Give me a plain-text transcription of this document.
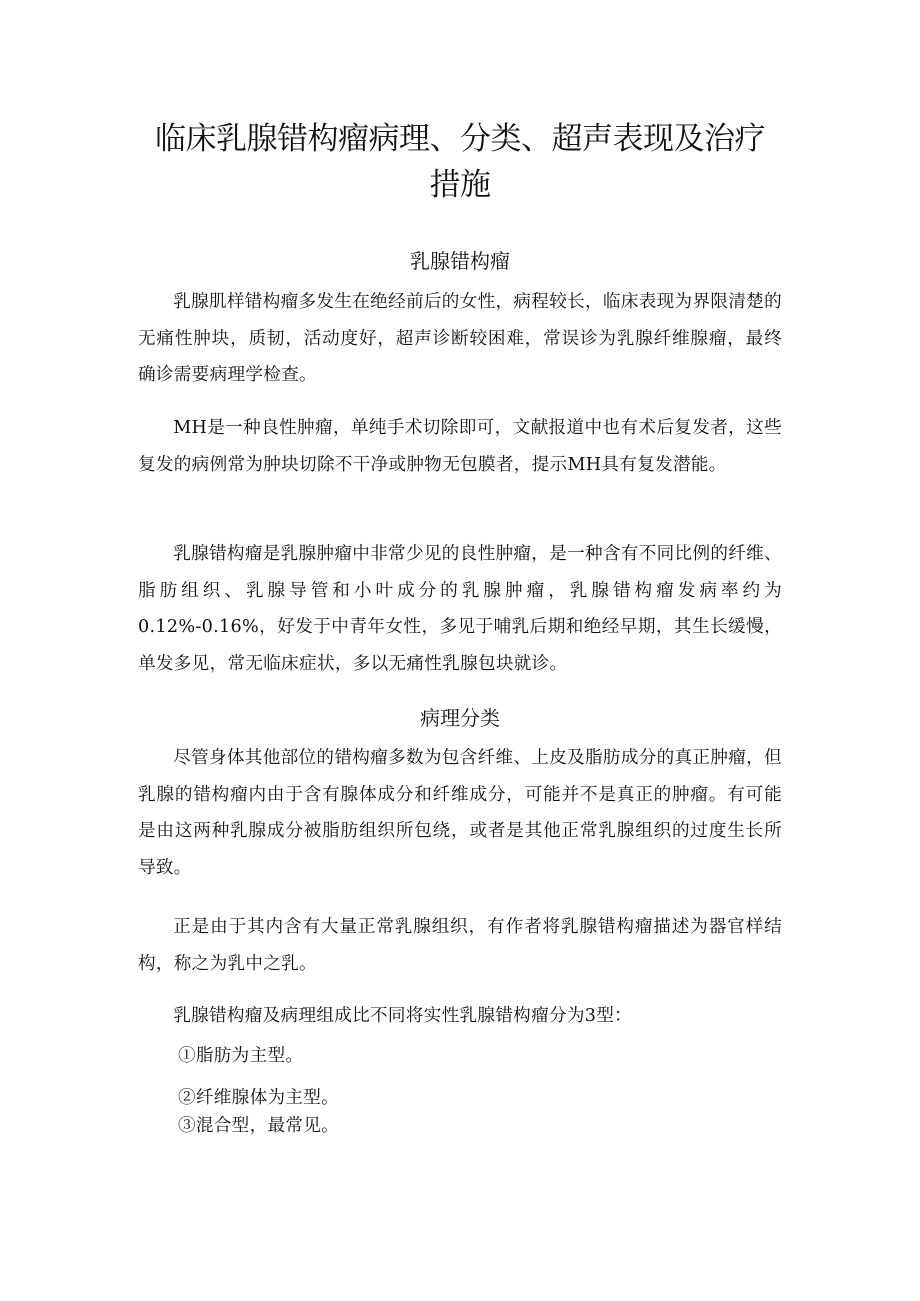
临床乳腺错构瘤病理、分类、超声表现及治疗措施
乳腺错构瘤

乳腺肌样错构瘤多发生在绝经前后的女性，病程较长，临床表现为界限清楚的无痛性肿块，质韧，活动度好，超声诊断较困难，常误诊为乳腺纤维腺瘤，最终确诊需要病理学检查。

MH是一种良性肿瘤，单纯手术切除即可，文献报道中也有术后复发者，这些复发的病例常为肿块切除不干净或肿物无包膜者，提示MH具有复发潜能。

乳腺错构瘤是乳腺肿瘤中非常少见的良性肿瘤，是一种含有不同比例的纤维、脂肪组织、乳腺导管和小叶成分的乳腺肿瘤，乳腺错构瘤发病率约为0.12%-0.16%，好发于中青年女性，多见于哺乳后期和绝经早期，其生长缓慢，单发多见，常无临床症状，多以无痛性乳腺包块就诊。

病理分类

尽管身体其他部位的错构瘤多数为包含纤维、上皮及脂肪成分的真正肿瘤，但乳腺的错构瘤内由于含有腺体成分和纤维成分，可能并不是真正的肿瘤。有可能是由这两种乳腺成分被脂肪组织所包绕，或者是其他正常乳腺组织的过度生长所导致。

正是由于其内含有大量正常乳腺组织，有作者将乳腺错构瘤描述为器官样结构，称之为乳中之乳。

乳腺错构瘤及病理组成比不同将实性乳腺错构瘤分为3型：

①脂肪为主型。

②纤维腺体为主型。

③混合型，最常见。
